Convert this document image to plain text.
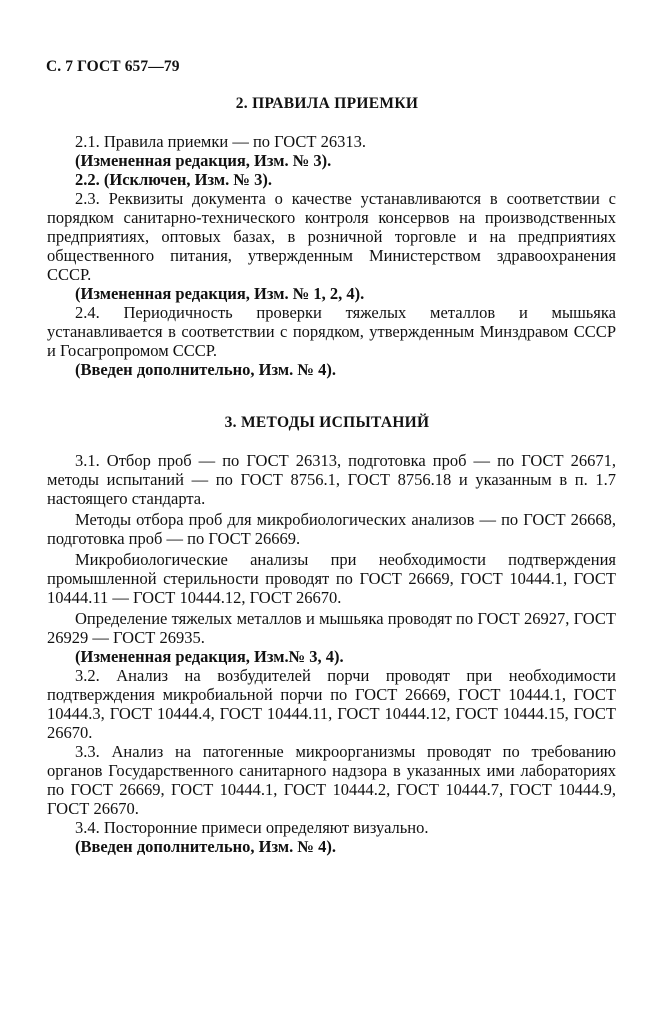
С. 7 ГОСТ 657—79
2. ПРАВИЛА ПРИЕМКИ

2.1. Правила приемки — по ГОСТ 26313.

(Измененная редакция, Изм. № 3).

2.2. (Исключен, Изм. № 3).

2.3. Реквизиты документа о качестве устанавливаются в соответствии с порядком санитарно-технического контроля консервов на производственных предприятиях, оптовых базах, в розничной торговле и на предприятиях общественного питания, утвержденным Министерством здравоохранения СССР.

(Измененная редакция, Изм. № 1, 2, 4).

2.4. Периодичность проверки тяжелых металлов и мышьяка устанавливается в соответствии с порядком, утвержденным Минздравом СССР и Госагропромом СССР.

(Введен дополнительно, Изм. № 4).

3. МЕТОДЫ ИСПЫТАНИЙ

3.1. Отбор проб — по ГОСТ 26313, подготовка проб — по ГОСТ 26671, методы испытаний — по ГОСТ 8756.1, ГОСТ 8756.18 и указанным в п. 1.7 настоящего стандарта.

Методы отбора проб для микробиологических анализов — по ГОСТ 26668, подготовка проб — по ГОСТ 26669.

Микробиологические анализы при необходимости подтверждения промышленной стерильности проводят по ГОСТ 26669, ГОСТ 10444.1, ГОСТ 10444.11 — ГОСТ 10444.12, ГОСТ 26670.

Определение тяжелых металлов и мышьяка проводят по ГОСТ 26927, ГОСТ 26929 — ГОСТ 26935.

(Измененная редакция, Изм.№ 3, 4).

3.2. Анализ на возбудителей порчи проводят при необходимости подтверждения микробиальной порчи по ГОСТ 26669, ГОСТ 10444.1, ГОСТ 10444.3, ГОСТ 10444.4, ГОСТ 10444.11, ГОСТ 10444.12, ГОСТ 10444.15, ГОСТ 26670.

3.3. Анализ на патогенные микроорганизмы проводят по требованию органов Государственного санитарного надзора в указанных ими лабораториях по ГОСТ 26669, ГОСТ 10444.1, ГОСТ 10444.2, ГОСТ 10444.7, ГОСТ 10444.9, ГОСТ 26670.

3.4. Посторонние примеси определяют визуально.

(Введен дополнительно, Изм. № 4).
